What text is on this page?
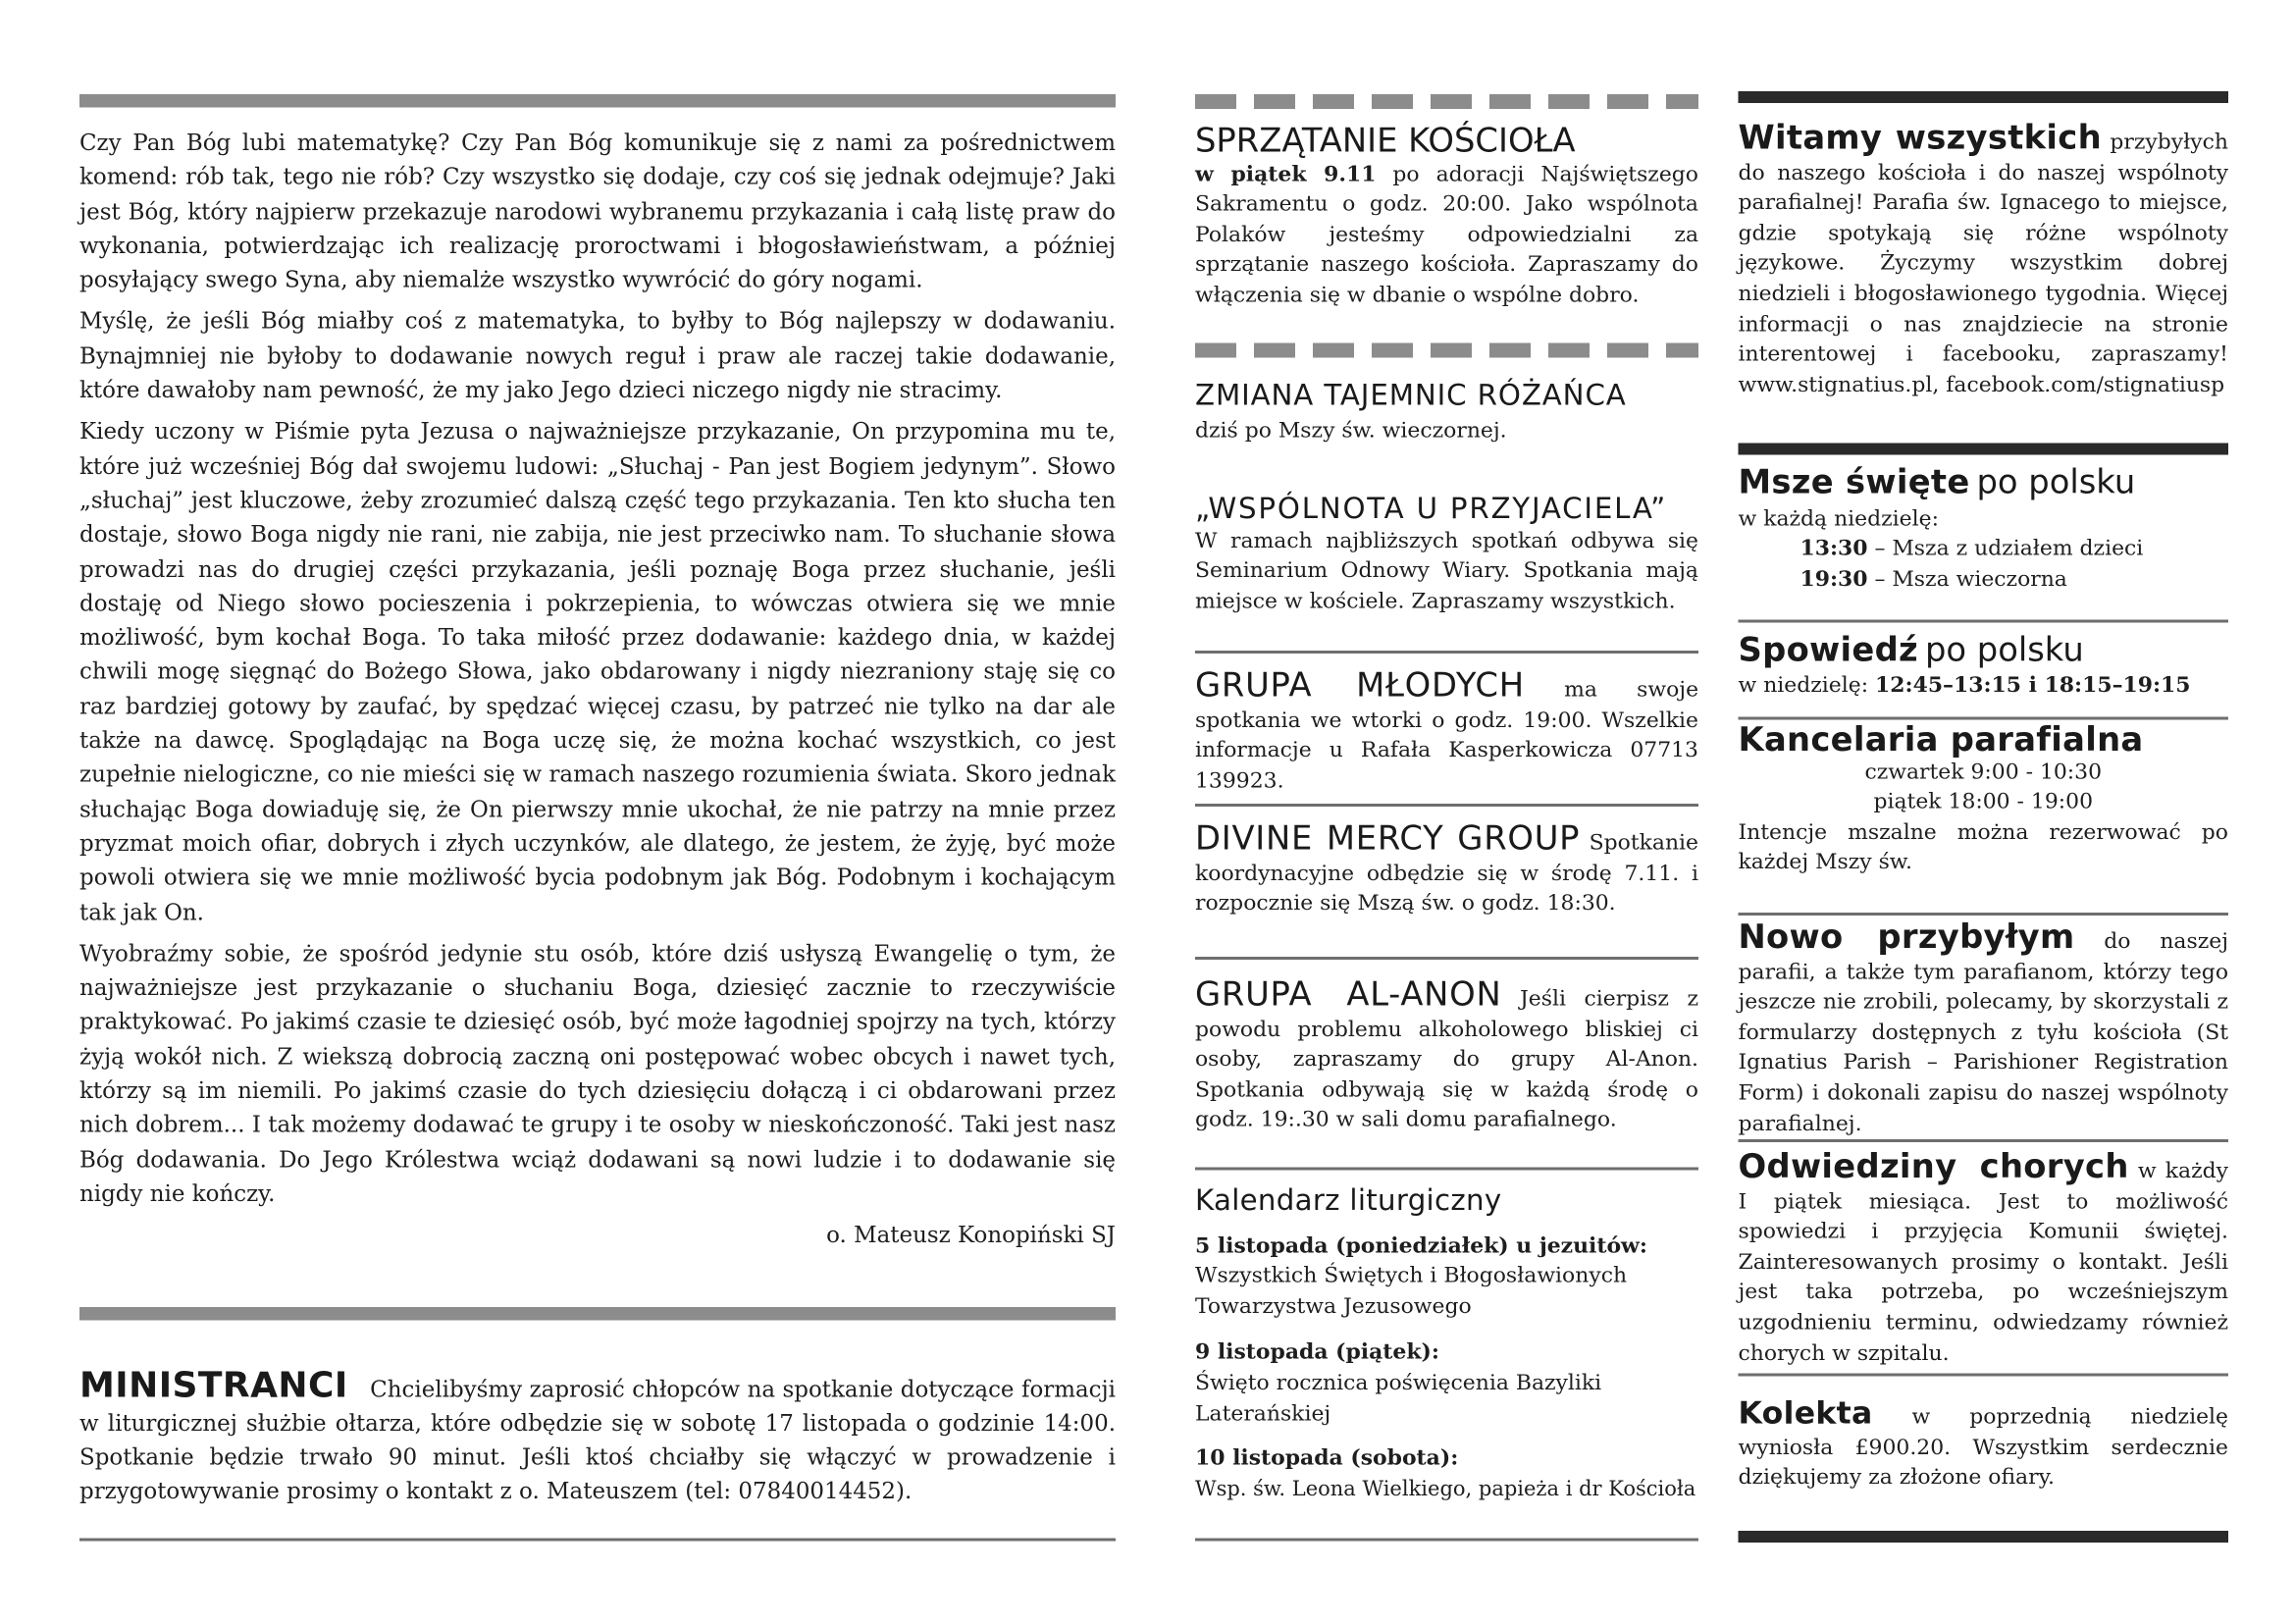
Czy Pan Bóg lubi matematykę? Czy Pan Bóg komunikuje się z nami za pośrednictwem komend: rób tak, tego nie rób? Czy wszystko się dodaje, czy coś się jednak odejmuje? Jaki jest Bóg, który najpierw przekazuje narodowi wybranemu przykazania i całą listę praw do wykonania, potwierdzając ich realizację proroctwami i błogosławieństwam, a później posyłający swego Syna, aby niemalże wszystko wywrócić do góry nogami.

Myślę, że jeśli Bóg miałby coś z matematyka, to byłby to Bóg najlepszy w dodawaniu. Bynajmniej nie byłoby to dodawanie nowych reguł i praw ale raczej takie dodawanie, które dawałoby nam pewność, że my jako Jego dzieci niczego nigdy nie stracimy.

Kiedy uczony w Piśmie pyta Jezusa o najważniejsze przykazanie, On przypomina mu te, które już wcześniej Bóg dał swojemu ludowi: „Słuchaj - Pan jest Bogiem jedynym”. Słowo „słuchaj” jest kluczowe, żeby zrozumieć dalszą część tego przykazania. Ten kto słucha ten dostaje, słowo Boga nigdy nie rani, nie zabija, nie jest przeciwko nam. To słuchanie słowa prowadzi nas do drugiej części przykazania, jeśli poznaję Boga przez słuchanie, jeśli dostaję od Niego słowo pocieszenia i pokrzepienia, to wówczas otwiera się we mnie możliwość, bym kochał Boga. To taka miłość przez dodawanie: każdego dnia, w każdej chwili mogę sięgnąć do Bożego Słowa, jako obdarowany i nigdy niezraniony staję się co raz bardziej gotowy by zaufać, by spędzać więcej czasu, by patrzeć nie tylko na dar ale także na dawcę. Spoglądając na Boga uczę się, że można kochać wszystkich, co jest zupełnie nielogiczne, co nie mieści się w ramach naszego rozumienia świata. Skoro jednak słuchając Boga dowiaduję się, że On pierwszy mnie ukochał, że nie patrzy na mnie przez pryzmat moich ofiar, dobrych i złych uczynków, ale dlatego, że jestem, że żyję, być może powoli otwiera się we mnie możliwość bycia podobnym jak Bóg. Podobnym i kochającym tak jak On.

Wyobraźmy sobie, że spośród jedynie stu osób, które dziś usłyszą Ewangelię o tym, że najważniejsze jest przykazanie o słuchaniu Boga, dziesięć zacznie to rzeczywiście praktykować. Po jakimś czasie te dziesięć osób, być może łagodniej spojrzy na tych, którzy żyją wokół nich. Z wiekszą dobrocią zaczną oni postępować wobec obcych i nawet tych, którzy są im niemili. Po jakimś czasie do tych dziesięciu dołączą i ci obdarowani przez nich dobrem... I tak możemy dodawać te grupy i te osoby w nieskończoność. Taki jest nasz Bóg dodawania. Do Jego Królestwa wciąż dodawani są nowi ludzie i to dodawanie się nigdy nie kończy.

o. Mateusz Konopiński SJ

MINISTRANCI Chcielibyśmy zaprosić chłopców na spotkanie dotyczące formacji w liturgicznej służbie ołtarza, które odbędzie się w sobotę 17 listopada o godzinie 14:00. Spotkanie będzie trwało 90 minut. Jeśli ktoś chciałby się włączyć w prowadzenie i przygotowywanie prosimy o kontakt z o. Mateuszem (tel: 07840014452).
SPRZĄTANIE KOŚCIOŁA
w piątek 9.11 po adoracji Najświętszego Sakramentu o godz. 20:00. Jako wspólnota Polaków jesteśmy odpowiedzialni za sprzątanie naszego kościoła. Zapraszamy do włączenia się w dbanie o wspólne dobro.
ZMIANA TAJEMNIC RÓŻAŃCA
dziś po Mszy św. wieczornej.
„WSPÓLNOTA U PRZYJACIELA”
W ramach najbliższych spotkań odbywa się Seminarium Odnowy Wiary. Spotkania mają miejsce w kościele. Zapraszamy wszystkich.
GRUPA MŁODYCH	ma swoje spotkania we wtorki o godz. 19:00. Wszelkie informacje u Rafała Kasperkowicza 07713 139923.
DIVINE MERCY GROUP Spotkanie koordynacyjne odbędzie się w środę 7.11. i rozpocznie się Mszą św. o godz. 18:30.
GRUPA AL-ANON Jeśli cierpisz z powodu problemu alkoholowego bliskiej ci osoby, zapraszamy do grupy Al-Anon. Spotkania odbywają się w każdą środę o godz. 19:.30 w sali domu parafialnego.
Kalendarz liturgiczny

5 listopada (poniedziałek) u jezuitów:
Wszystkich Świętych i Błogosławionych Towarzystwa Jezusowego

9 listopada (piątek):
Święto rocznica poświęcenia Bazyliki Laterańskiej

10 listopada (sobota):
Wsp. św. Leona Wielkiego, papieża i dr Kościoła

Witamy wszystkich przybyłych do naszego kościoła i do naszej wspólnoty parafialnej! Parafia św. Ignacego to miejsce, gdzie spotykają się różne wspólnoty językowe. Życzymy wszystkim dobrej niedzieli i błogosławionego tygodnia. Więcej informacji o nas znajdziecie na stronie interentowej i facebooku, zapraszamy! www.stignatius.pl, facebook.com/stignatiusp
Msze święte po polsku
w każdą niedzielę:
13:30 – Msza z udziałem dzieci
19:30 – Msza wieczorna
Spowiedź po polsku
w niedzielę: 12:45–13:15 i 18:15–19:15
Kancelaria parafialna
czwartek 9:00 - 10:30
piątek 18:00 - 19:00
Intencje mszalne można rezerwować po każdej Mszy św.
Nowo przybyłym do naszej parafii, a także tym parafianom, którzy tego jeszcze nie zrobili, polecamy, by skorzystali z formularzy dostępnych z tyłu kościoła (St Ignatius Parish – Parishioner Registration Form) i dokonali zapisu do naszej wspólnoty parafialnej.
Odwiedziny chorych w każdy I piątek miesiąca. Jest to możliwość spowiedzi i przyjęcia Komunii świętej. Zainteresowanych prosimy o kontakt. Jeśli jest taka potrzeba, po wcześniejszym uzgodnieniu terminu, odwiedzamy również chorych w szpitalu.
Kolekta	w poprzednią niedzielę wyniosła £900.20. Wszystkim serdecznie dziękujemy za złożone ofiary.
